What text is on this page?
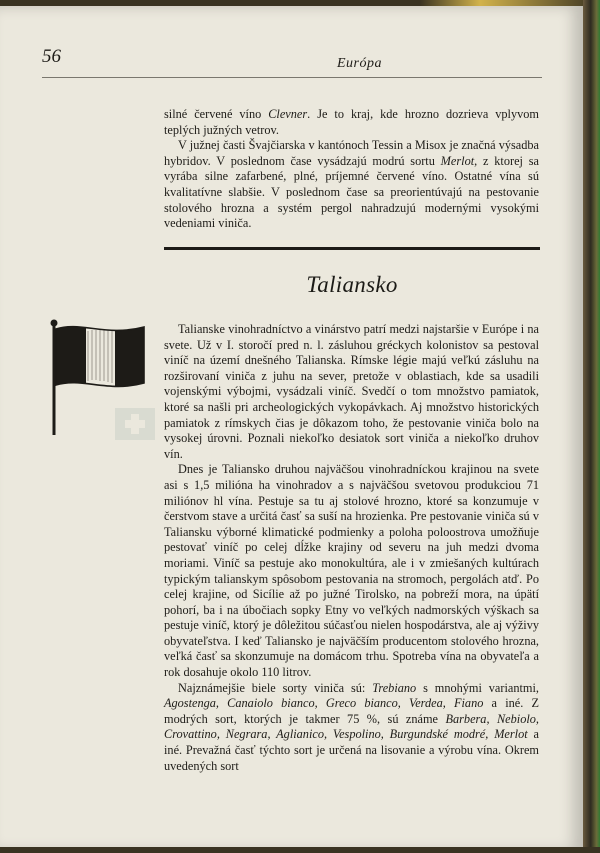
56	Európa

silné červené víno Clevner. Je to kraj, kde hrozno dozrieva vplyvom teplých južných vetrov.

V južnej časti Švajčiarska v kantónoch Tessin a Misox je značná výsadba hybridov. V poslednom čase vysádzajú modrú sortu Merlot, z ktorej sa vyrába silne zafarbené, plné, príjemné červené víno. Ostatné vína sú kvalitatívne slabšie. V poslednom čase sa preorientúvajú na pestovanie stolového hrozna a systém pergol nahradzujú modernými vysokými vedeniami viniča.

Taliansko

Talianske vinohradníctvo a vinárstvo patrí medzi najstaršie v Európe i na svete. Už v I. storočí pred n. l. zásluhou gréckych kolonistov sa pestoval viníč na území dnešného Talianska. Rímske légie majú veľkú zásluhu na rozširovaní viniča z juhu na sever, pretože v oblastiach, kde sa usadili vojenskými výbojmi, vysádzali viníč. Svedčí o tom množstvo pamiatok, ktoré sa našli pri archeologických vykopávkach. Aj množstvo historických pamiatok z rímskych čias je dôkazom toho, že pestovanie viniča bolo na vysokej úrovni. Poznali niekoľko desiatok sort viniča a niekoľko druhov vín.

Dnes je Taliansko druhou najväčšou vinohradníckou krajinou na svete asi s 1,5 milióna ha vinohradov a s najväčšou svetovou produkciou 71 miliónov hl vína. Pestuje sa tu aj stolové hrozno, ktoré sa konzumuje v čerstvom stave a určitá časť sa suší na hrozienka. Pre pestovanie viniča sú v Taliansku výborné klimatické podmienky a poloha poloostrova umožňuje pestovať viníč po celej dĺžke krajiny od severu na juh medzi dvoma moriami. Viníč sa pestuje ako monokultúra, ale i v zmiešaných kultúrach typickým talianskym spôsobom pestovania na stromoch, pergolách atď. Po celej krajine, od Sicílie až po južné Tirolsko, na pobreží mora, na úpätí pohorí, ba i na úbočiach sopky Etny vo veľkých nadmorských výškach sa pestuje viníč, ktorý je dôležitou súčasťou nielen hospodárstva, ale aj výživy obyvateľstva. I keď Taliansko je najväčším producentom stolového hrozna, veľká časť sa skonzumuje na domácom trhu. Spotreba vína na obyvateľa a rok dosahuje okolo 110 litrov.

Najznámejšie biele sorty viniča sú: Trebiano s mnohými variantmi, Agostenga, Canaiolo bianco, Greco bianco, Verdea, Fiano a iné. Z modrých sort, ktorých je takmer 75 %, sú známe Barbera, Nebiolo, Crovattino, Negrara, Aglianico, Vespolino, Burgundské modré, Merlot a iné. Prevažná časť týchto sort je určená na lisovanie a výrobu vína. Okrem uvedených sort
